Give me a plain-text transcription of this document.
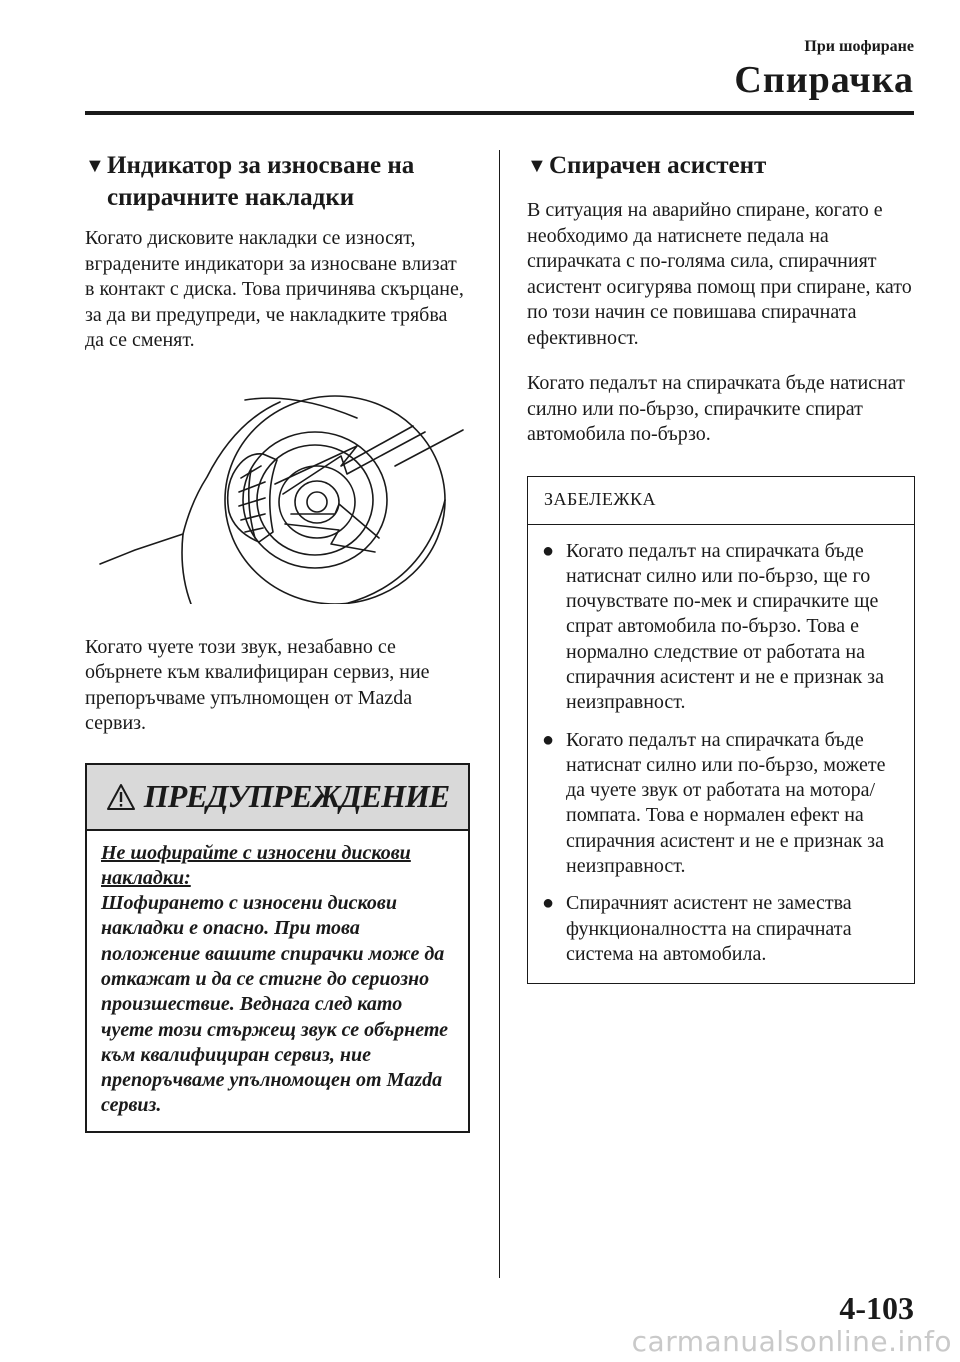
При шофиране
Спирачка
▼ Индикатор за износване на спирачните накладки

Когато дисковите накладки се износят, вградените индикатори за износване влизат в контакт с диска. Това причинява скърцане, за да ви предупреди, че накладките трябва да се сменят.

Когато чуете този звук, незабавно се обърнете към квалифициран сервиз, ние препоръчваме упълномощен от Mazda сервиз.

ПРЕДУПРЕЖДЕНИЕ
Не шофирайте с износени дискови накладки:
Шофирането с износени дискови накладки е опасно. При това положение вашите спирачки може да откажат и да се стигне до сериозно произшествие. Веднага след като чуете този стържещ звук се обърнете към квалифициран сервиз, ние препоръчваме упълномощен от Mazda сервиз.
▼ Спирачен асистент

В ситуация на аварийно спиране, когато е необходимо да натиснете педала на спирачката с по-голяма сила, спирачният асистент осигурява помощ при спиране, като по този начин се повишава спирачната ефективност.

Когато педалът на спирачката бъде натиснат силно или по-бързо, спирачките спират автомобила по-бързо.

ЗАБЕЛЕЖКА
● Когато педалът на спирачката бъде натиснат силно или по-бързо, ще го почувствате по-мек и спирачките ще спрат автомобила по-бързо. Това е нормално следствие от работата на спирачния асистент и не е признак за неизправност.
● Когато педалът на спирачката бъде натиснат силно или по-бързо, можете да чуете звук от работата на мотора/помпата. Това е нормален ефект на спирачния асистент и не е признак за неизправност.
● Спирачният асистент не замества функционалността на спирачната система на автомобила.
4-103
carmanualsonline.info
